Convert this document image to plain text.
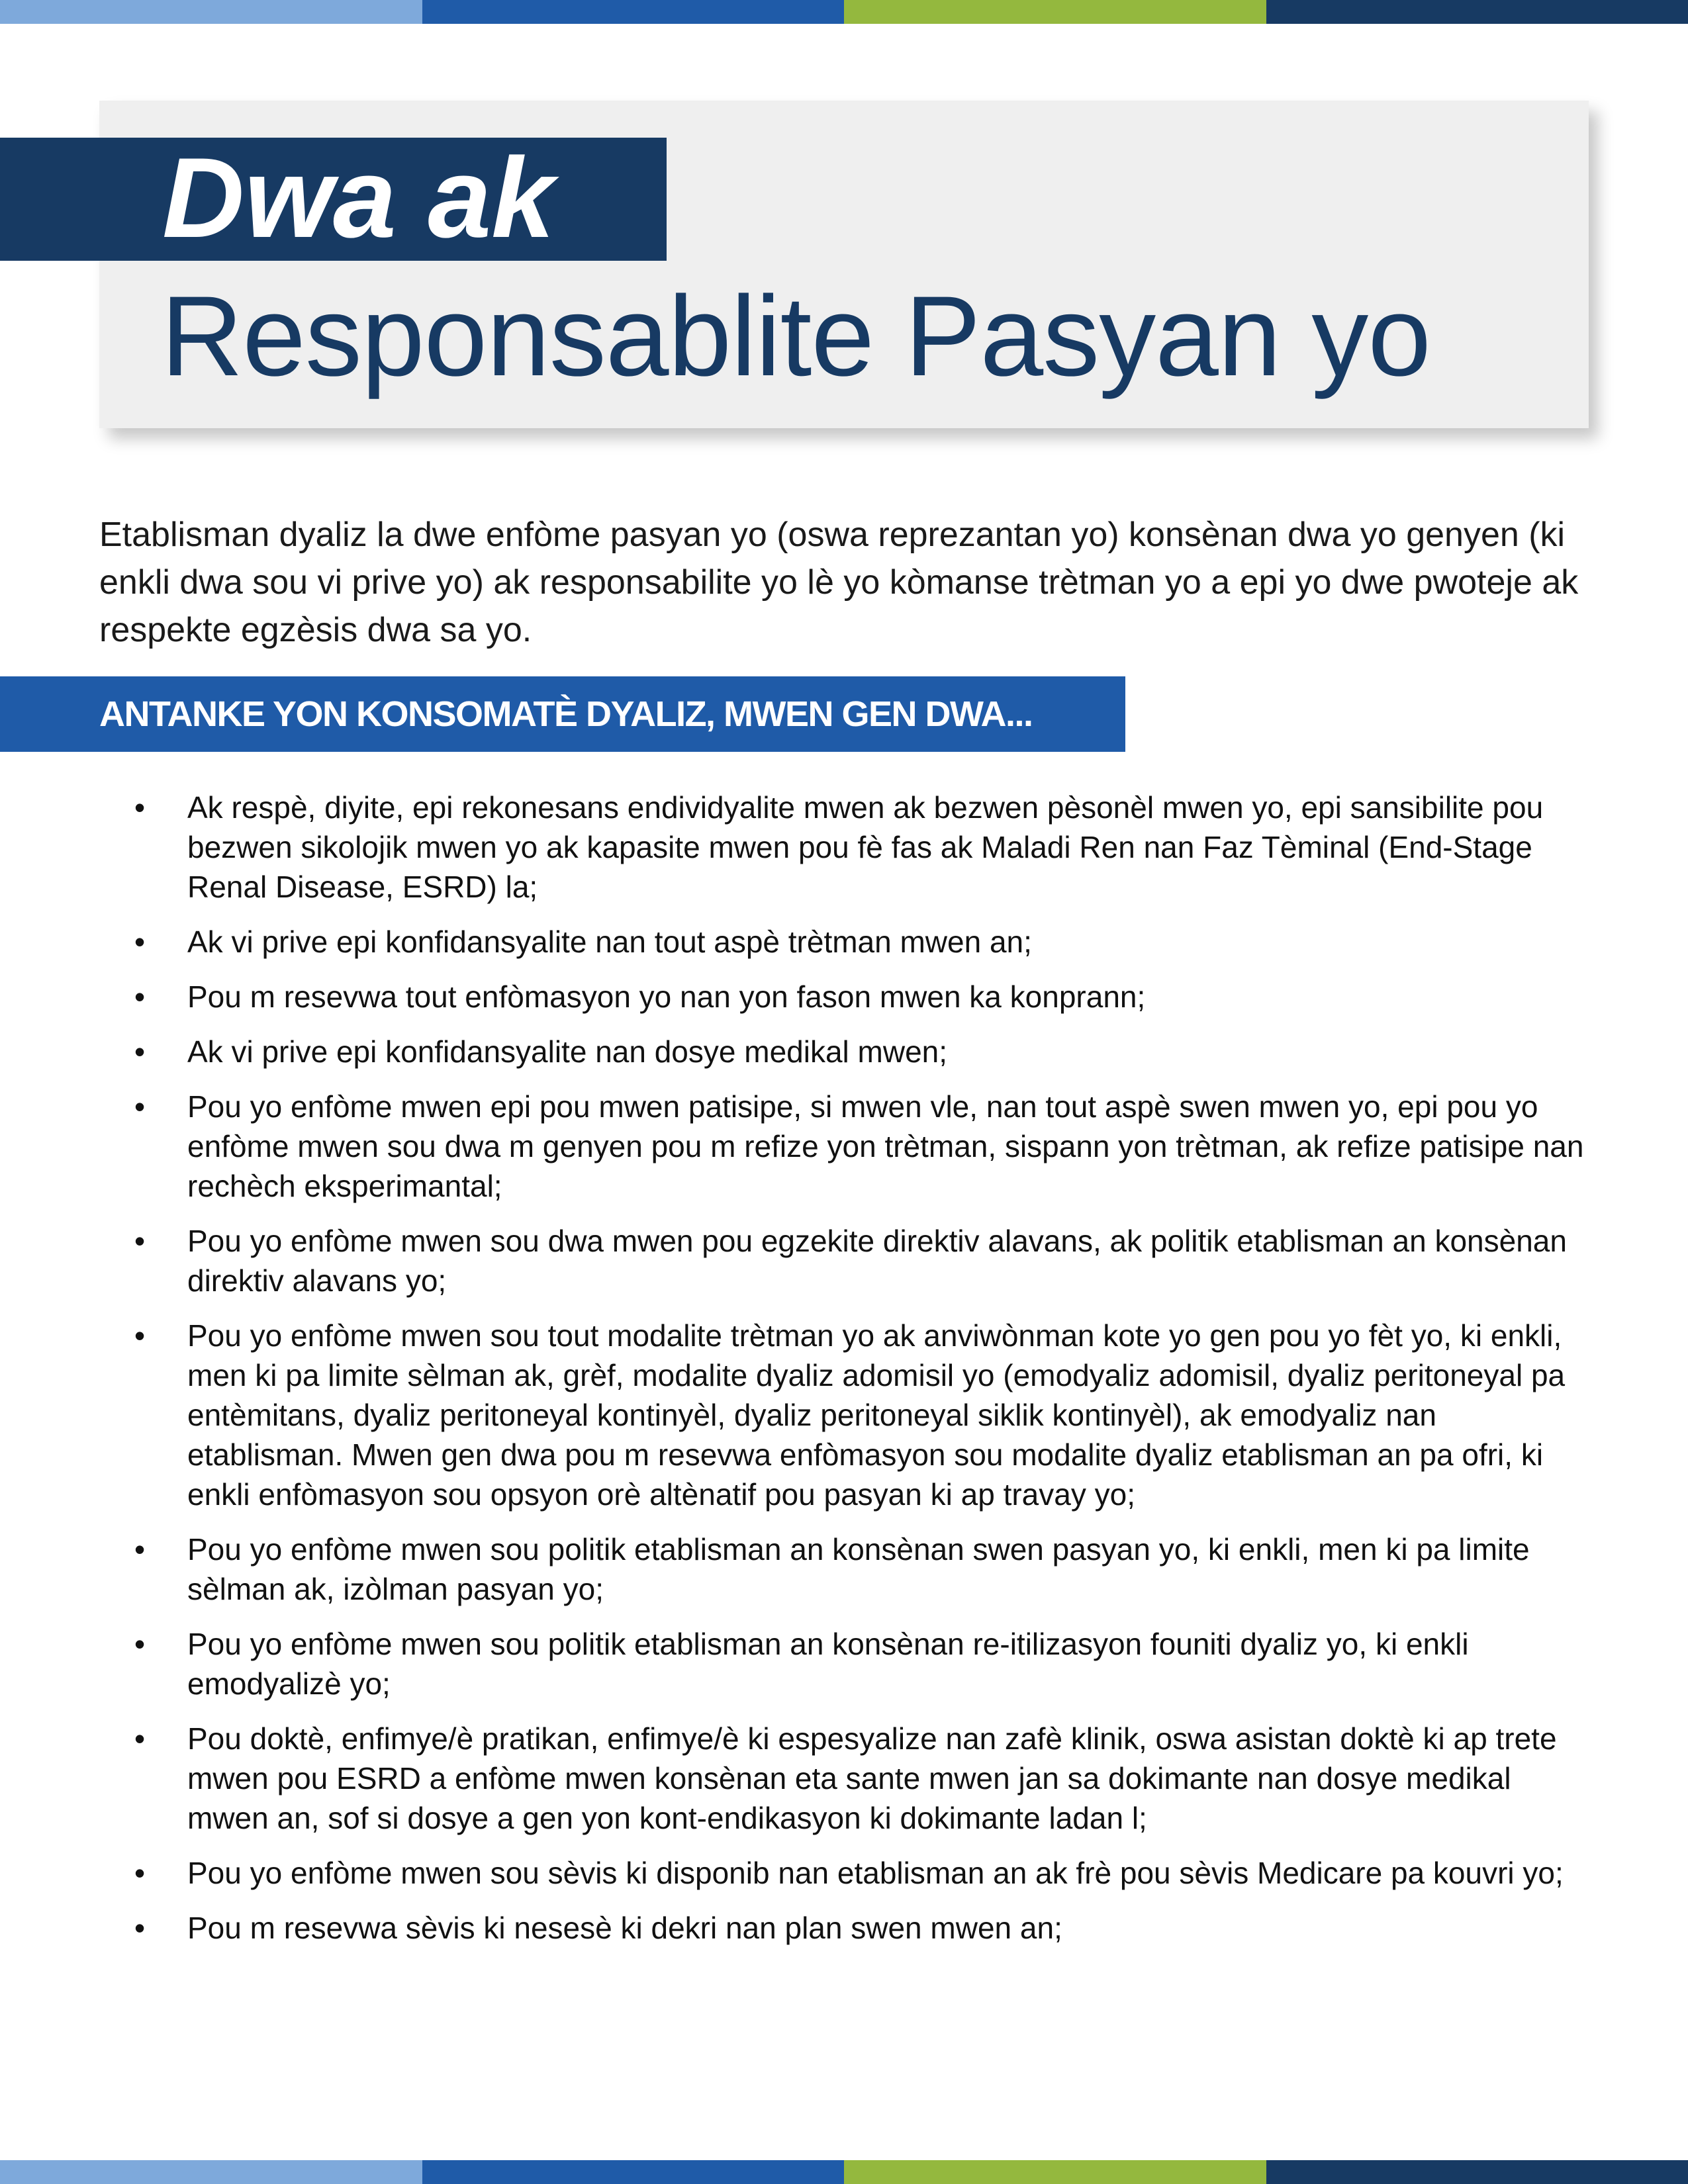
Dwa ak
Responsablite Pasyan yo

Etablisman dyaliz la dwe enfòme pasyan yo (oswa reprezantan yo) konsènan dwa yo genyen (ki enkli dwa sou vi prive yo) ak responsabilite yo lè yo kòmanse trètman yo a epi yo dwe pwoteje ak respekte egzèsis dwa sa yo.

ANTANKE YON KONSOMATÈ DYALIZ, MWEN GEN DWA...
• Ak respè, diyite, epi rekonesans endividyalite mwen ak bezwen pèsonèl mwen yo, epi sansibilite pou bezwen sikolojik mwen yo ak kapasite mwen pou fè fas ak Maladi Ren nan Faz Tèminal (End-Stage Renal Disease, ESRD) la;
• Ak vi prive epi konfidansyalite nan tout aspè trètman mwen an;
• Pou m resevwa tout enfòmasyon yo nan yon fason mwen ka konprann;
• Ak vi prive epi konfidansyalite nan dosye medikal mwen;
• Pou yo enfòme mwen epi pou mwen patisipe, si mwen vle, nan tout aspè swen mwen yo, epi pou yo enfòme mwen sou dwa m genyen pou m refize yon trètman, sispann yon trètman, ak refize patisipe nan rechèch eksperimantal;
• Pou yo enfòme mwen sou dwa mwen pou egzekite direktiv alavans, ak politik etablisman an konsènan direktiv alavans yo;
• Pou yo enfòme mwen sou tout modalite trètman yo ak anviwònman kote yo gen pou yo fèt yo, ki enkli, men ki pa limite sèlman ak, grèf, modalite dyaliz adomisil yo (emodyaliz adomisil, dyaliz peritoneyal pa entèmitans, dyaliz peritoneyal kontinyèl, dyaliz peritoneyal siklik kontinyèl), ak emodyaliz nan etablisman. Mwen gen dwa pou m resevwa enfòmasyon sou modalite dyaliz etablisman an pa ofri, ki enkli enfòmasyon sou opsyon orè altènatif pou pasyan ki ap travay yo;
• Pou yo enfòme mwen sou politik etablisman an konsènan swen pasyan yo, ki enkli, men ki pa limite sèlman ak, izòlman pasyan yo;
• Pou yo enfòme mwen sou politik etablisman an konsènan re-itilizasyon founiti dyaliz yo, ki enkli emodyalizè yo;
• Pou doktè, enfimye/è pratikan, enfimye/è ki espesyalize nan zafè klinik, oswa asistan doktè ki ap trete mwen pou ESRD a enfòme mwen konsènan eta sante mwen jan sa dokimante nan dosye medikal mwen an, sof si dosye a gen yon kont-endikasyon ki dokimante ladan l;
• Pou yo enfòme mwen sou sèvis ki disponib nan etablisman an ak frè pou sèvis Medicare pa kouvri yo;
• Pou m resevwa sèvis ki nesesè ki dekri nan plan swen mwen an;
